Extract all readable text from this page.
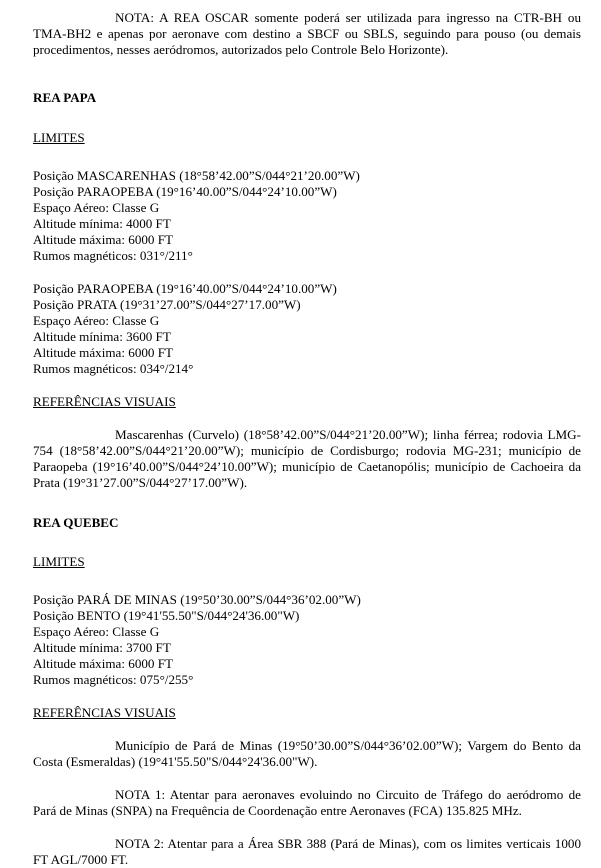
NOTA: A REA OSCAR somente poderá ser utilizada para ingresso na CTR-BH ou TMA-BH2 e apenas por aeronave com destino a SBCF ou SBLS, seguindo para pouso (ou demais procedimentos, nesses aeródromos, autorizados pelo Controle Belo Horizonte).

REA PAPA

LIMITES

Posição MASCARENHAS (18°58’42.00”S/044°21’20.00”W)
Posição PARAOPEBA (19°16’40.00”S/044°24’10.00”W)
Espaço Aéreo: Classe G
Altitude mínima: 4000 FT
Altitude máxima: 6000 FT
Rumos magnéticos: 031°/211°
Posição PARAOPEBA (19°16’40.00”S/044°24’10.00”W)
Posição PRATA (19°31’27.00”S/044°27’17.00”W)
Espaço Aéreo: Classe G
Altitude mínima: 3600 FT
Altitude máxima: 6000 FT
Rumos magnéticos: 034°/214°

REFERÊNCIAS VISUAIS

Mascarenhas (Curvelo) (18°58’42.00”S/044°21’20.00”W); linha férrea; rodovia LMG-754 (18°58’42.00”S/044°21’20.00”W); município de Cordisburgo; rodovia MG-231; município de Paraopeba (19°16’40.00”S/044°24’10.00”W); município de Caetanopólis; município de Cachoeira da Prata (19°31’27.00”S/044°27’17.00”W).

REA QUEBEC

LIMITES

Posição PARÁ DE MINAS (19°50’30.00”S/044°36’02.00”W)
Posição BENTO (19°41'55.50"S/044°24'36.00"W)
Espaço Aéreo: Classe G
Altitude mínima: 3700 FT
Altitude máxima: 6000 FT
Rumos magnéticos: 075°/255°

REFERÊNCIAS VISUAIS

Município de Pará de Minas (19°50’30.00”S/044°36’02.00”W); Vargem do Bento da Costa (Esmeraldas) (19°41'55.50"S/044°24'36.00"W).

NOTA 1: Atentar para aeronaves evoluindo no Circuito de Tráfego do aeródromo de Pará de Minas (SNPA) na Frequência de Coordenação entre Aeronaves (FCA) 135.825 MHz.

NOTA 2: Atentar para a Área SBR 388 (Pará de Minas), com os limites verticais 1000 FT AGL/7000 FT.
